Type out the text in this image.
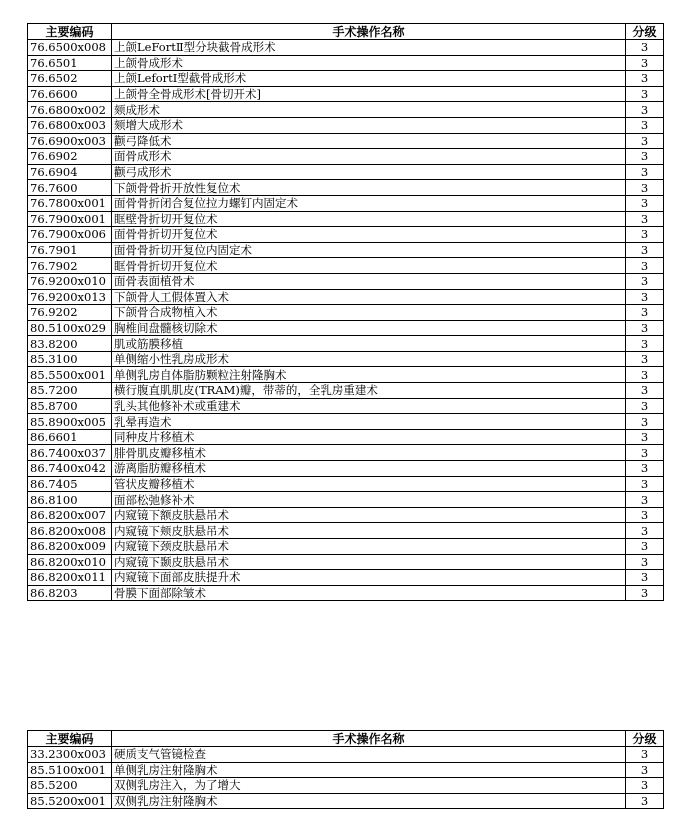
主要编码	手术操作名称	分级
76.6500x008	上颌LeFortⅡ型分块截骨成形术	3
76.6501	上颌骨成形术	3
76.6502	上颌LefortⅠ型截骨成形术	3
76.6600	上颌骨全骨成形术[骨切开术]	3
76.6800x002	颏成形术	3
76.6800x003	颏增大成形术	3
76.6900x003	颧弓降低术	3
76.6902	面骨成形术	3
76.6904	颧弓成形术	3
76.7600	下颌骨骨折开放性复位术	3
76.7800x001	面骨骨折闭合复位拉力螺钉内固定术	3
76.7900x001	眶壁骨折切开复位术	3
76.7900x006	面骨骨折切开复位术	3
76.7901	面骨骨折切开复位内固定术	3
76.7902	眶骨骨折切开复位术	3
76.9200x010	面骨表面植骨术	3
76.9200x013	下颌骨人工假体置入术	3
76.9202	下颌骨合成物植入术	3
80.5100x029	胸椎间盘髓核切除术	3
83.8200	肌或筋膜移植	3
85.3100	单侧缩小性乳房成形术	3
85.5500x001	单侧乳房自体脂肪颗粒注射隆胸术	3
85.7200	横行腹直肌肌皮(TRAM)瓣，带蒂的，全乳房重建术	3
85.8700	乳头其他修补术或重建术	3
85.8900x005	乳晕再造术	3
86.6601	同种皮片移植术	3
86.7400x037	腓骨肌皮瓣移植术	3
86.7400x042	游离脂肪瓣移植术	3
86.7405	管状皮瓣移植术	3
86.8100	面部松弛修补术	3
86.8200x007	内窥镜下额皮肤悬吊术	3
86.8200x008	内窥镜下颊皮肤悬吊术	3
86.8200x009	内窥镜下颈皮肤悬吊术	3
86.8200x010	内窥镜下颞皮肤悬吊术	3
86.8200x011	内窥镜下面部皮肤提升术	3
86.8203	骨膜下面部除皱术	3
主要编码	手术操作名称	分级
33.2300x003	硬质支气管镜检查	3
85.5100x001	单侧乳房注射隆胸术	3
85.5200	双侧乳房注入，为了增大	3
85.5200x001	双侧乳房注射隆胸术	3
